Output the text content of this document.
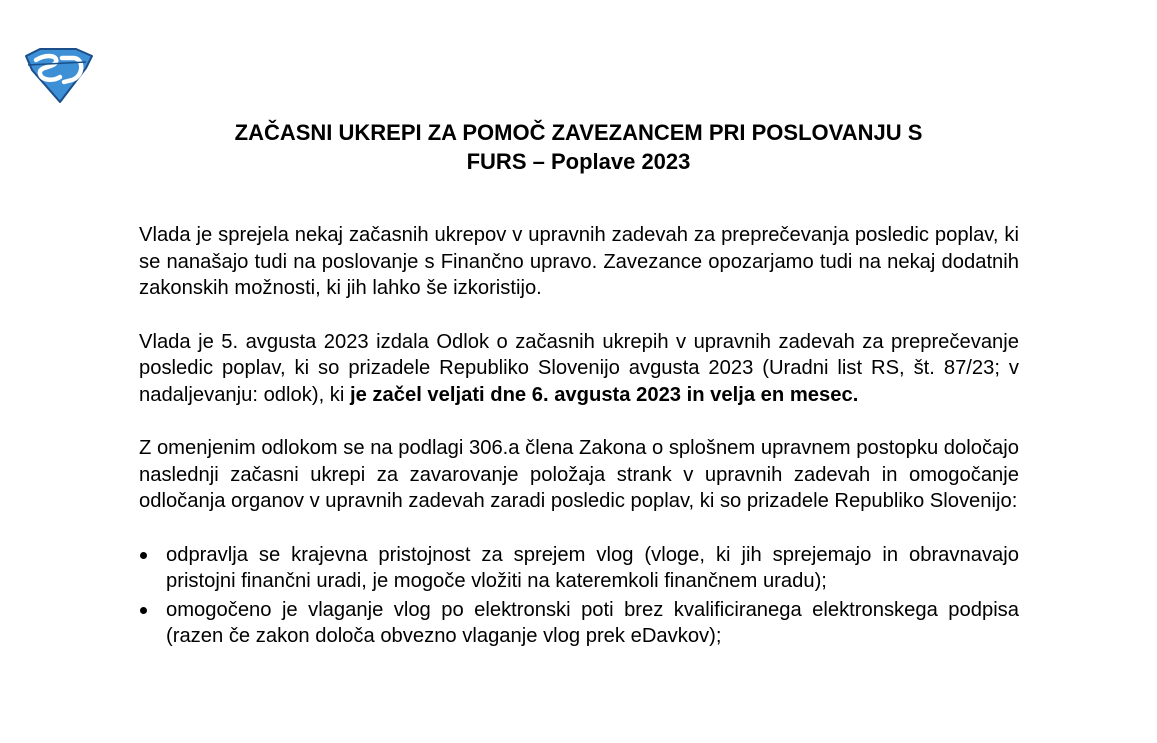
ZAČASNI UKREPI ZA POMOČ ZAVEZANCEM PRI POSLOVANJU S
FURS – Poplave 2023

Vlada je sprejela nekaj začasnih ukrepov v upravnih zadevah za preprečevanja posledic poplav, ki se nanašajo tudi na poslovanje s Finančno upravo. Zavezance opozarjamo tudi na nekaj dodatnih zakonskih možnosti, ki jih lahko še izkoristijo.

Vlada je 5. avgusta 2023 izdala Odlok o začasnih ukrepih v upravnih zadevah za preprečevanje posledic poplav, ki so prizadele Republiko Slovenijo avgusta 2023 (Uradni list RS, št. 87/23; v nadaljevanju: odlok), ki je začel veljati dne 6. avgusta 2023 in velja en mesec.

Z omenjenim odlokom se na podlagi 306.a člena Zakona o splošnem upravnem postopku določajo naslednji začasni ukrepi za zavarovanje položaja strank v upravnih zadevah in omogočanje odločanja organov v upravnih zadevah zaradi posledic poplav, ki so prizadele Republiko Slovenijo:

odpravlja se krajevna pristojnost za sprejem vlog (vloge, ki jih sprejemajo in obravnavajo pristojni finančni uradi, je mogoče vložiti na kateremkoli finančnem uradu);
omogočeno je vlaganje vlog po elektronski poti brez kvalificiranega elektronskega podpisa (razen če zakon določa obvezno vlaganje vlog prek eDavkov);
